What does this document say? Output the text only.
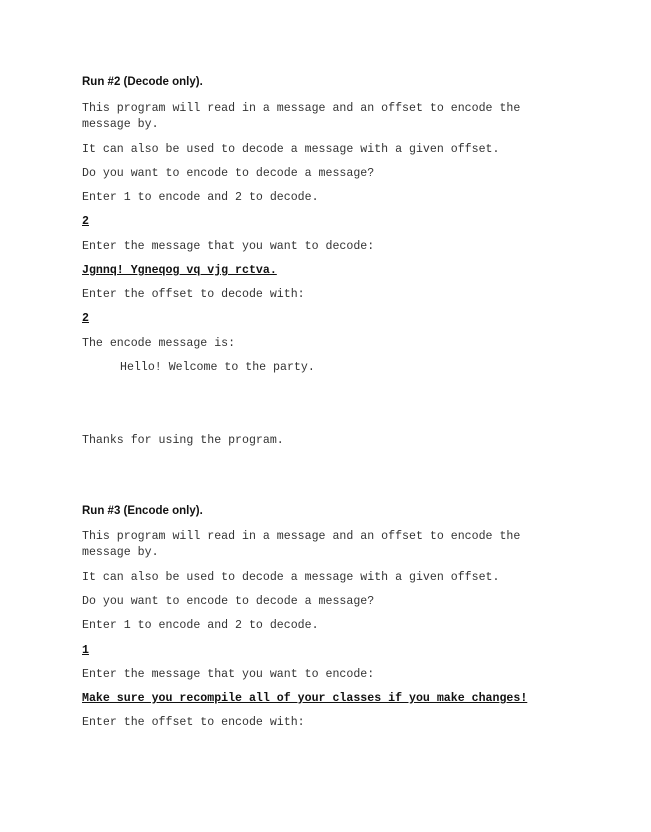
Run #2 (Decode only).
This program will read in a message and an offset to encode the message by.
It can also be used to decode a message with a given offset.
Do you want to encode to decode a message?
Enter 1 to encode and 2 to decode.
2
Enter the message that you want to decode:
Jgnnq! Ygneqog vq vjg rctva.
Enter the offset to decode with:
2
The encode message is:
Hello! Welcome to the party.
Thanks for using the program.
Run #3 (Encode only).
This program will read in a message and an offset to encode the message by.
It can also be used to decode a message with a given offset.
Do you want to encode to decode a message?
Enter 1 to encode and 2 to decode.
1
Enter the message that you want to encode:
Make sure you recompile all of your classes if you make changes!
Enter the offset to encode with:
